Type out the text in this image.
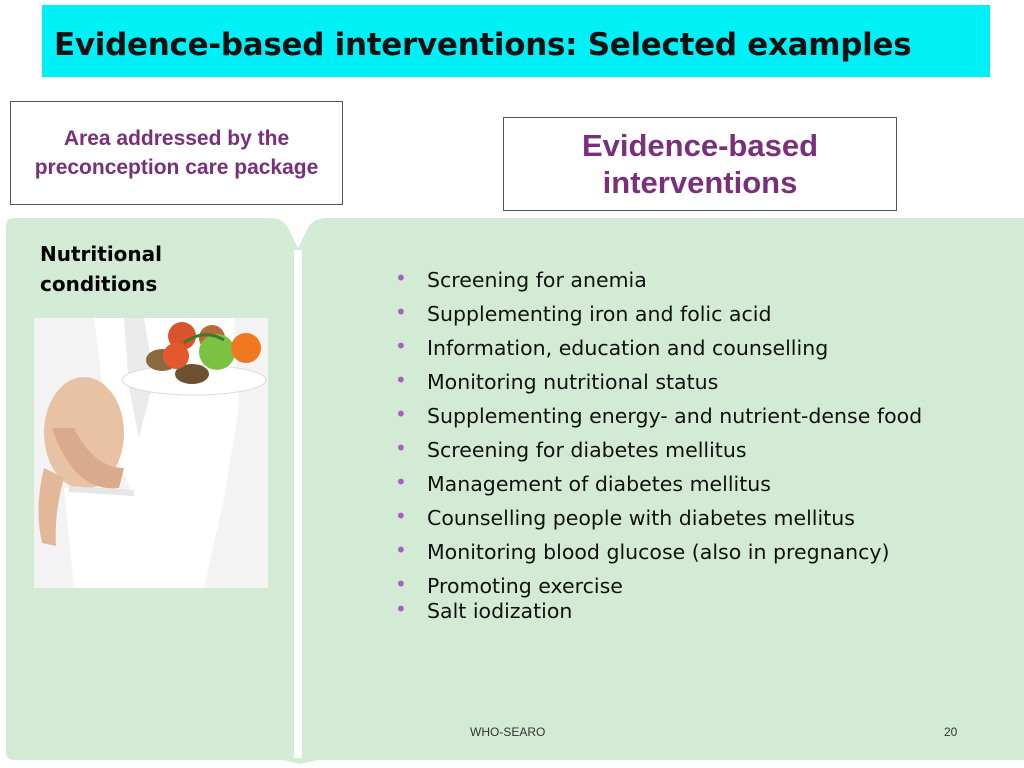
Evidence-based interventions: Selected examples
Area addressed by the preconception care package
Evidence-based interventions

Nutritional conditions	• Screening for anemia
• Supplementing iron and folic acid
• Information, education and counselling
• Monitoring nutritional status
• Supplementing energy- and nutrient-dense food
• Screening for diabetes mellitus
• Management of diabetes mellitus
• Counselling people with diabetes mellitus
• Monitoring blood glucose (also in pregnancy)
• Promoting exercise
• Salt iodization
WHO-SEARO	20
